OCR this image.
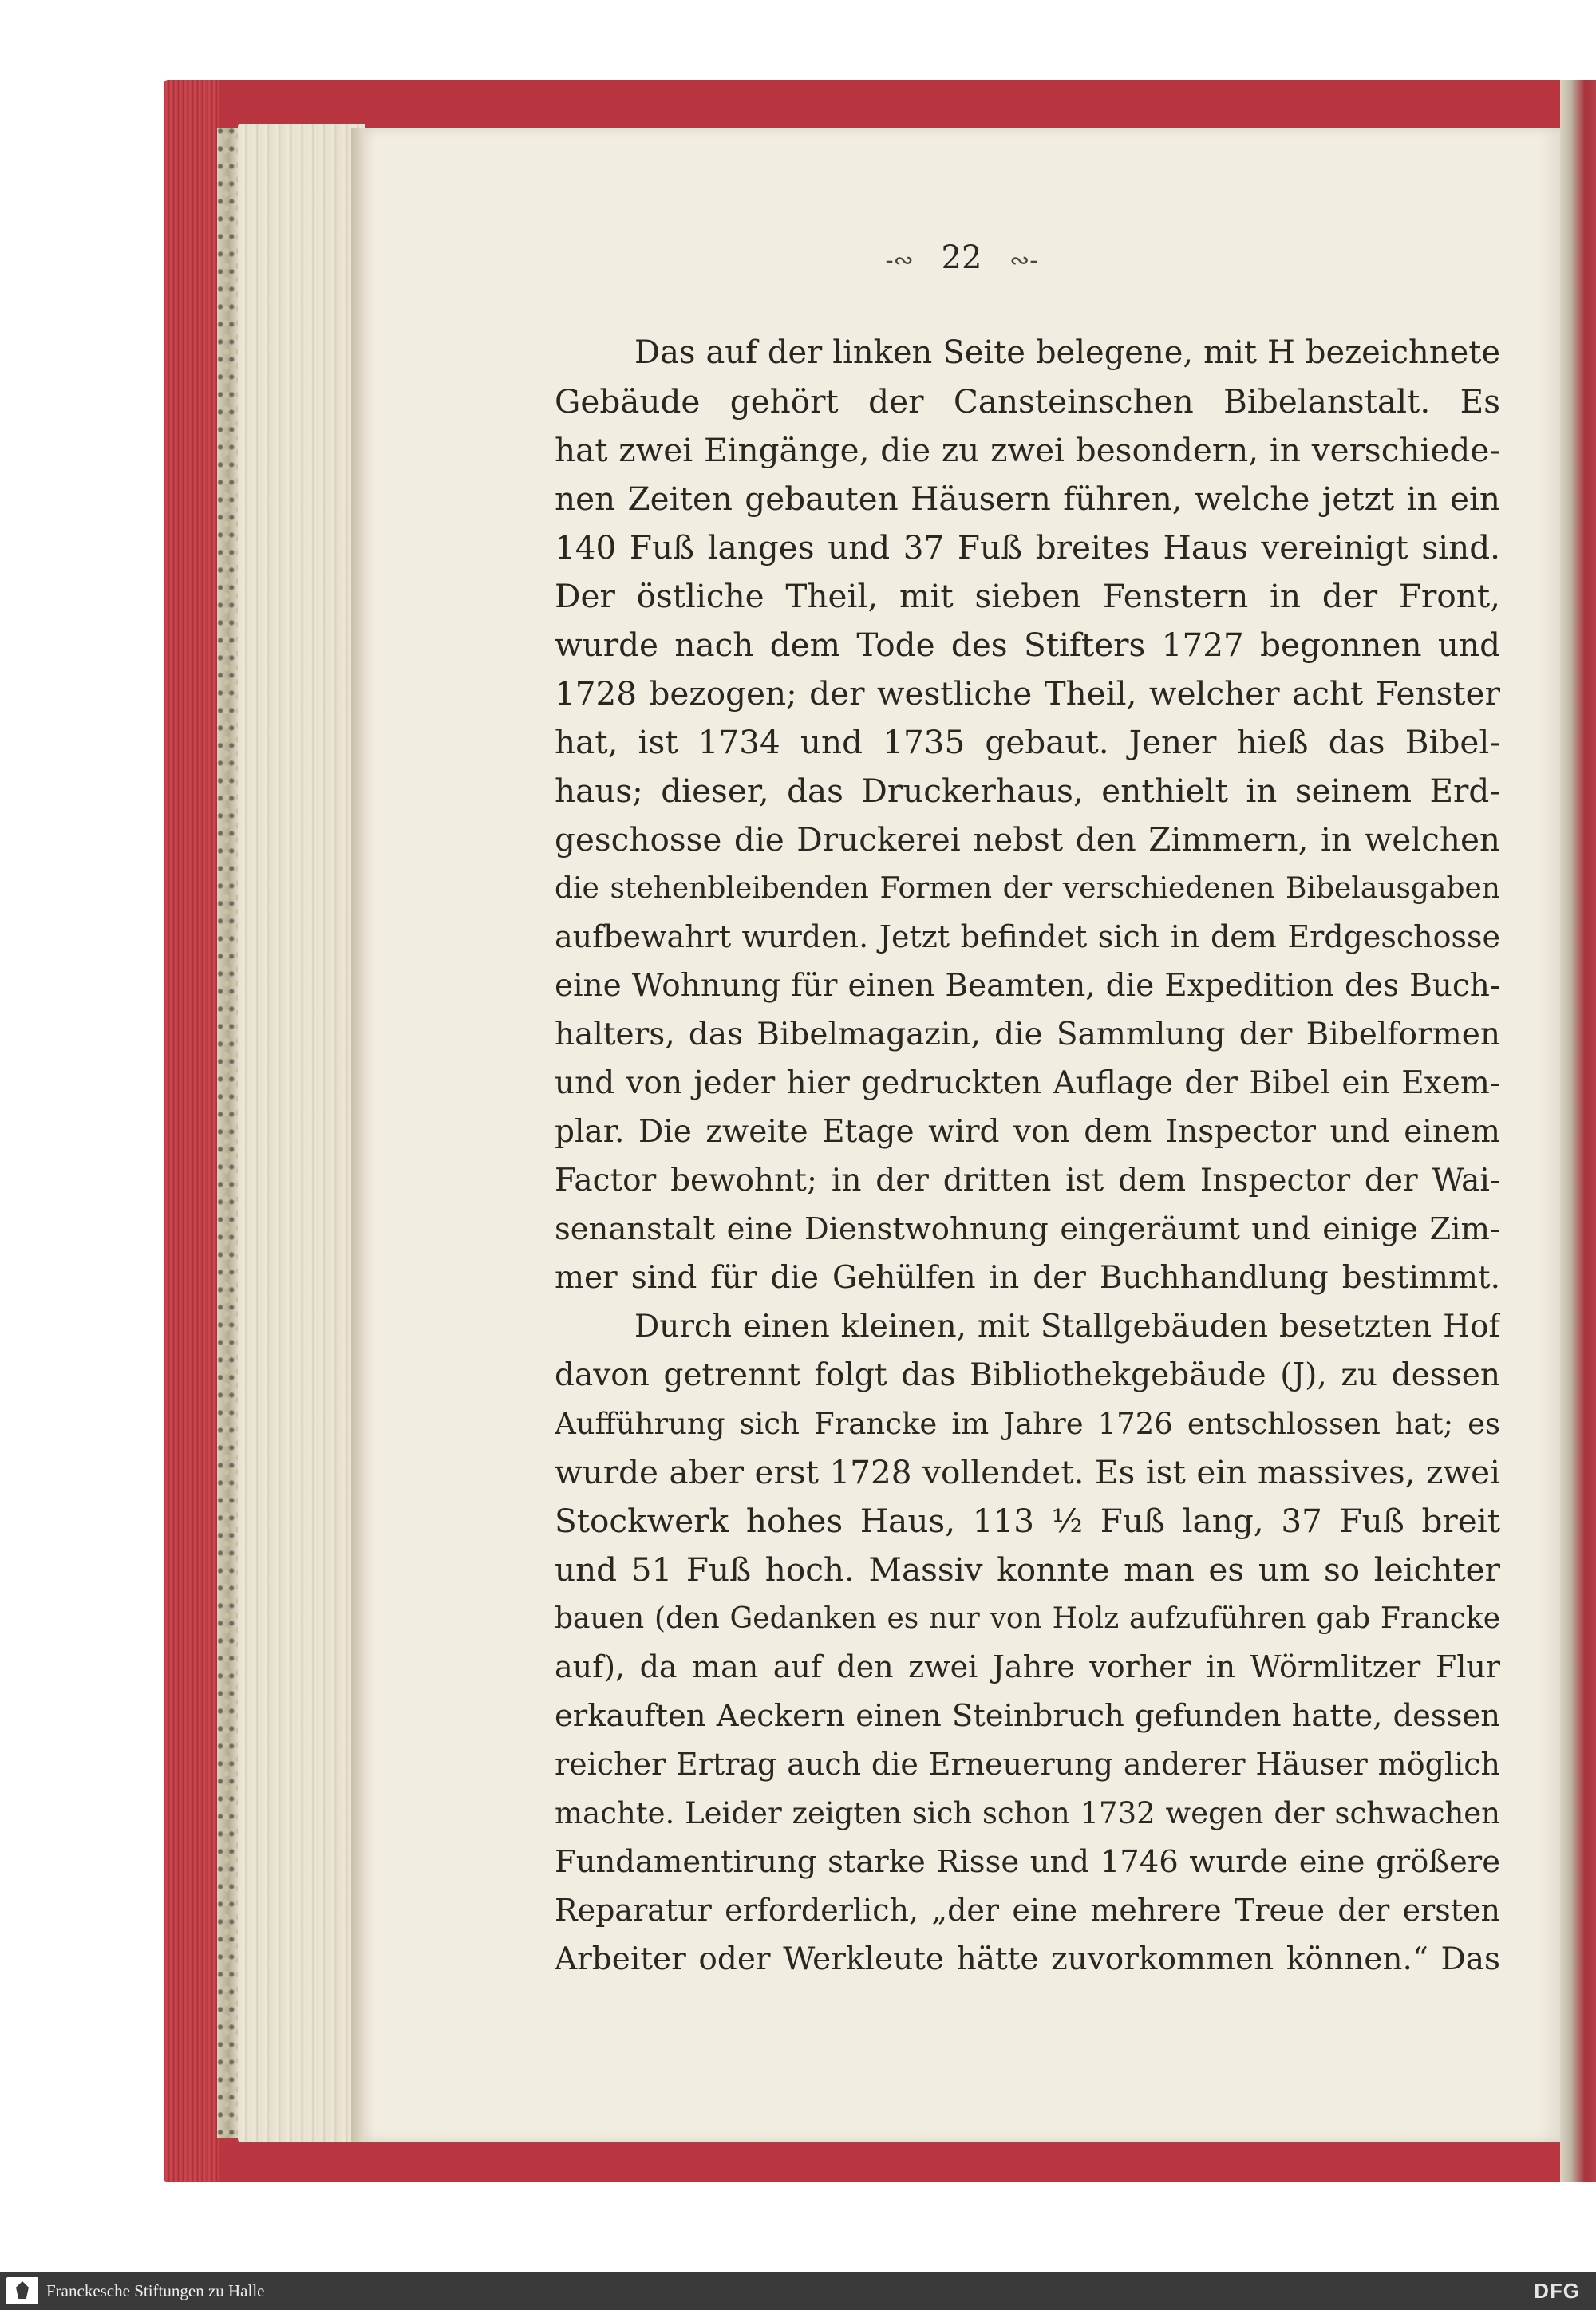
-∾ 22 ∾-
Das auf der linken Seite belegene, mit H bezeichnete
Gebäude gehört der Cansteinschen Bibelanstalt. Es
hat zwei Eingänge, die zu zwei besondern, in verschiede-
nen Zeiten gebauten Häusern führen, welche jetzt in ein
140 Fuß langes und 37 Fuß breites Haus vereinigt sind.
Der östliche Theil, mit sieben Fenstern in der Front,
wurde nach dem Tode des Stifters 1727 begonnen und
1728 bezogen; der westliche Theil, welcher acht Fenster
hat, ist 1734 und 1735 gebaut. Jener hieß das Bibel-
haus; dieser, das Druckerhaus, enthielt in seinem Erd-
geschosse die Druckerei nebst den Zimmern, in welchen
die stehenbleibenden Formen der verschiedenen Bibelausgaben
aufbewahrt wurden. Jetzt befindet sich in dem Erdgeschosse
eine Wohnung für einen Beamten, die Expedition des Buch-
halters, das Bibelmagazin, die Sammlung der Bibelformen
und von jeder hier gedruckten Auflage der Bibel ein Exem-
plar. Die zweite Etage wird von dem Inspector und einem
Factor bewohnt; in der dritten ist dem Inspector der Wai-
senanstalt eine Dienstwohnung eingeräumt und einige Zim-
mer sind für die Gehülfen in der Buchhandlung bestimmt.
Durch einen kleinen, mit Stallgebäuden besetzten Hof
davon getrennt folgt das Bibliothekgebäude (J), zu dessen
Aufführung sich Francke im Jahre 1726 entschlossen hat; es
wurde aber erst 1728 vollendet. Es ist ein massives, zwei
Stockwerk hohes Haus, 113 ½ Fuß lang, 37 Fuß breit
und 51 Fuß hoch. Massiv konnte man es um so leichter
bauen (den Gedanken es nur von Holz aufzuführen gab Francke
auf), da man auf den zwei Jahre vorher in Wörmlitzer Flur
erkauften Aeckern einen Steinbruch gefunden hatte, dessen
reicher Ertrag auch die Erneuerung anderer Häuser möglich
machte. Leider zeigten sich schon 1732 wegen der schwachen
Fundamentirung starke Risse und 1746 wurde eine größere
Reparatur erforderlich, „der eine mehrere Treue der ersten
Arbeiter oder Werkleute hätte zuvorkommen können.“ Das
Franckesche Stiftungen zu Halle	DFG
